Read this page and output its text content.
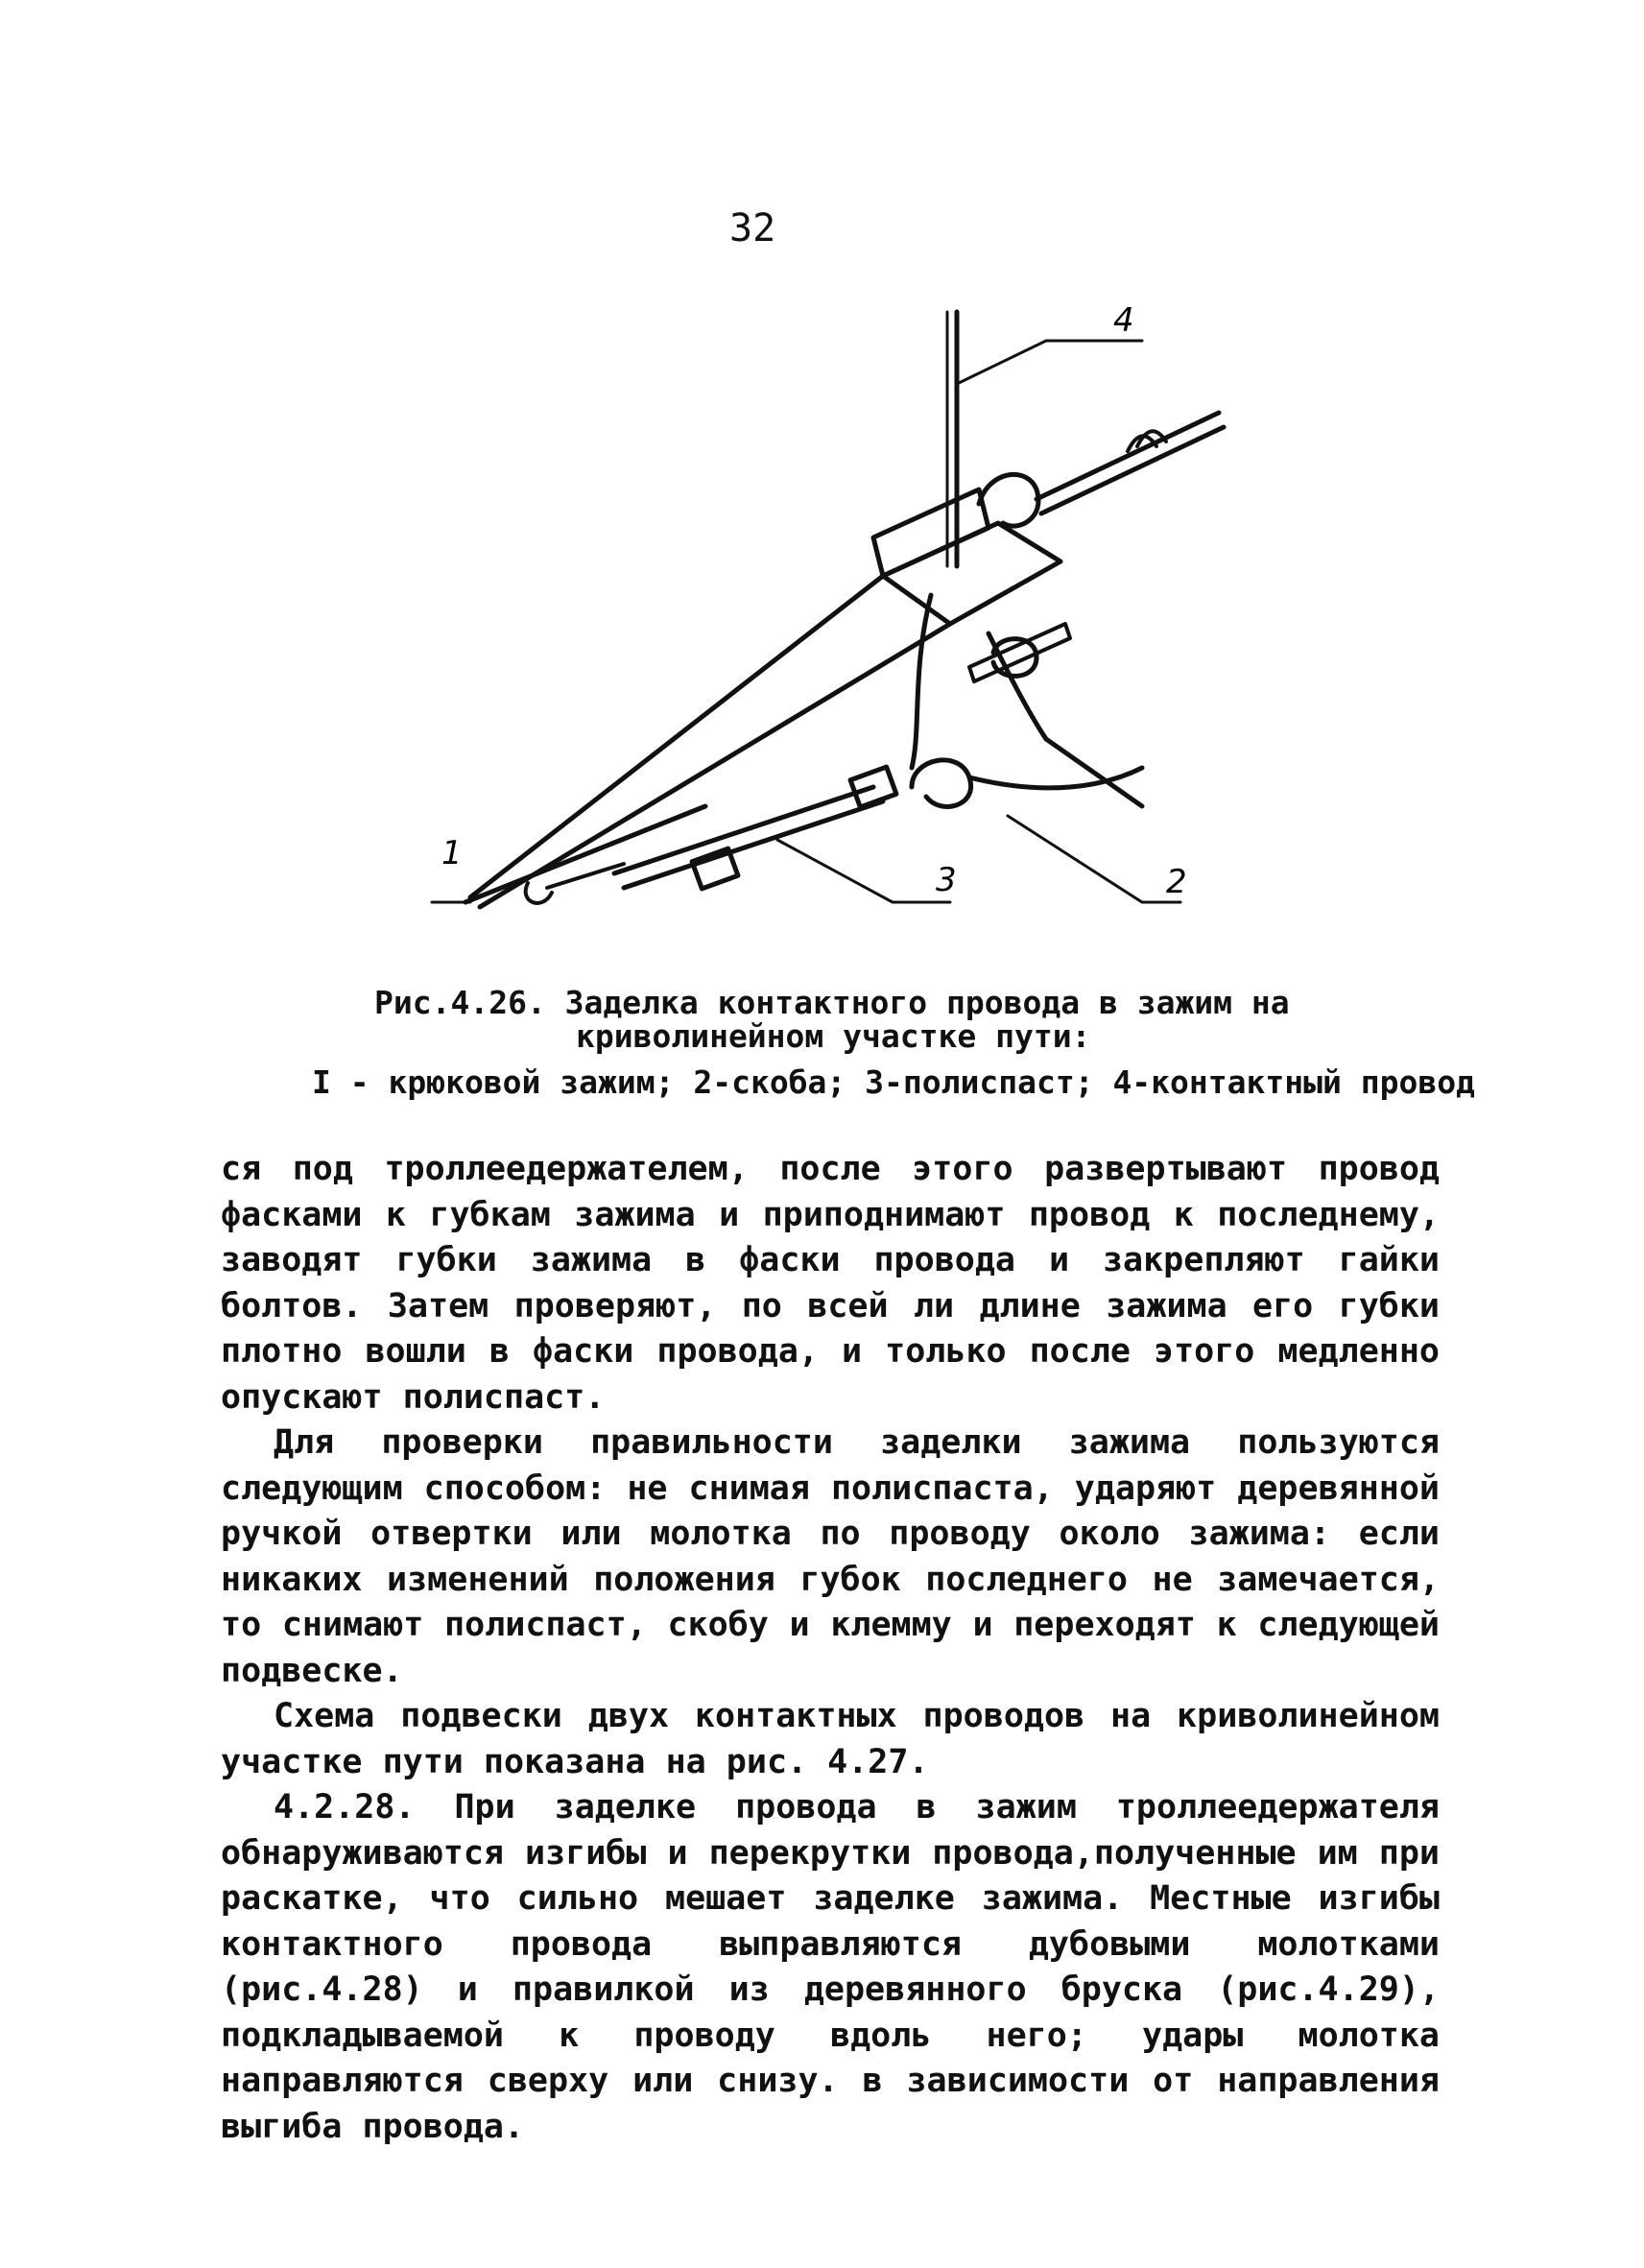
32
4
1
3	2
Рис.4.26. Заделка контактного провода в зажим на
криволинейном участке пути:
I - крюковой зажим; 2-скоба; 3-полиспаст; 4-контактный провод

ся под троллеедержателем, после этого развертывают провод фасками к губкам зажима и приподнимают провод к последнему, заводят губки зажима в фаски провода и закрепляют гайки болтов. Затем проверяют, по всей ли длине зажима его губки плотно вошли в фаски провода, и только после этого медленно опускают полиспаст.

Для проверки правильности заделки зажима пользуются следующим способом: не снимая полиспаста, ударяют деревянной ручкой отвертки или молотка по проводу около зажима: если никаких изменений положения губок последнего не замечается, то снимают полиспаст, скобу и клемму и переходят к следующей подвеске.

Схема подвески двух контактных проводов на криволинейном участке пути показана на рис. 4.27.

4.2.28. При заделке провода в зажим троллеедержателя обнаруживаются изгибы и перекрутки провода,полученные им при раскатке, что сильно мешает заделке зажима. Местные изгибы контактного провода выправляются дубовыми молотками (рис.4.28) и правилкой из деревянного бруска (рис.4.29), подкладываемой к проводу вдоль него; удары молотка направляются сверху или снизу. в зависимости от направления выгиба провода.
